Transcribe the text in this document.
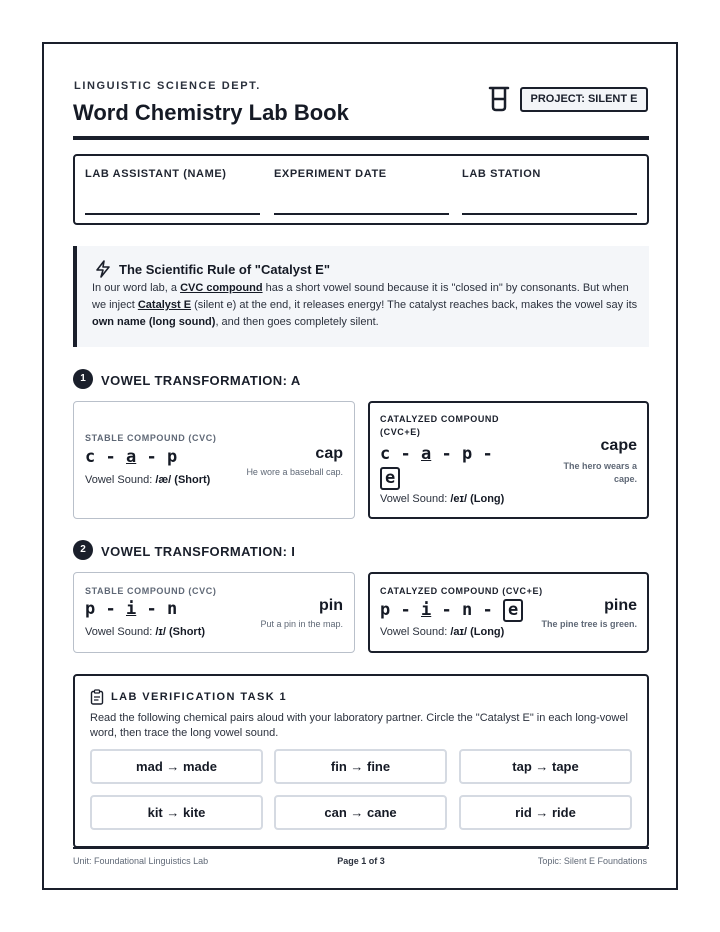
LINGUISTIC SCIENCE DEPT.
Word Chemistry Lab Book
PROJECT: SILENT E
LAB ASSISTANT (NAME)	EXPERIMENT DATE	LAB STATION
The Scientific Rule of "Catalyst E"
In our word lab, a CVC compound has a short vowel sound because it is "closed in" by consonants. But when we inject Catalyst E (silent e) at the end, it releases energy! The catalyst reaches back, makes the vowel say its own name (long sound), and then goes completely silent.
1	VOWEL TRANSFORMATION: A
STABLE COMPOUND (CVC)
c - a - p	cap
He wore a baseball cap.
Vowel Sound: /æ/ (Short)
CATALYZED COMPOUND
(CVC+E)
c - a - p -
e
cape
The hero wears a
cape.
Vowel Sound: /eɪ/ (Long)
2	VOWEL TRANSFORMATION: I
STABLE COMPOUND (CVC)
p - i - n	pin
Put a pin in the map.
Vowel Sound: /ɪ/ (Short)
CATALYZED COMPOUND (CVC+E)
p - i - n - e	pine
The pine tree is green.
Vowel Sound: /aɪ/ (Long)
LAB VERIFICATION TASK 1
Read the following chemical pairs aloud with your laboratory partner. Circle the "Catalyst E" in each long-vowel word, then trace the long vowel sound.
mad → made	fin → fine	tap → tape
kit → kite	can → cane	rid → ride
Unit: Foundational Linguistics Lab	Page 1 of 3	Topic: Silent E Foundations
